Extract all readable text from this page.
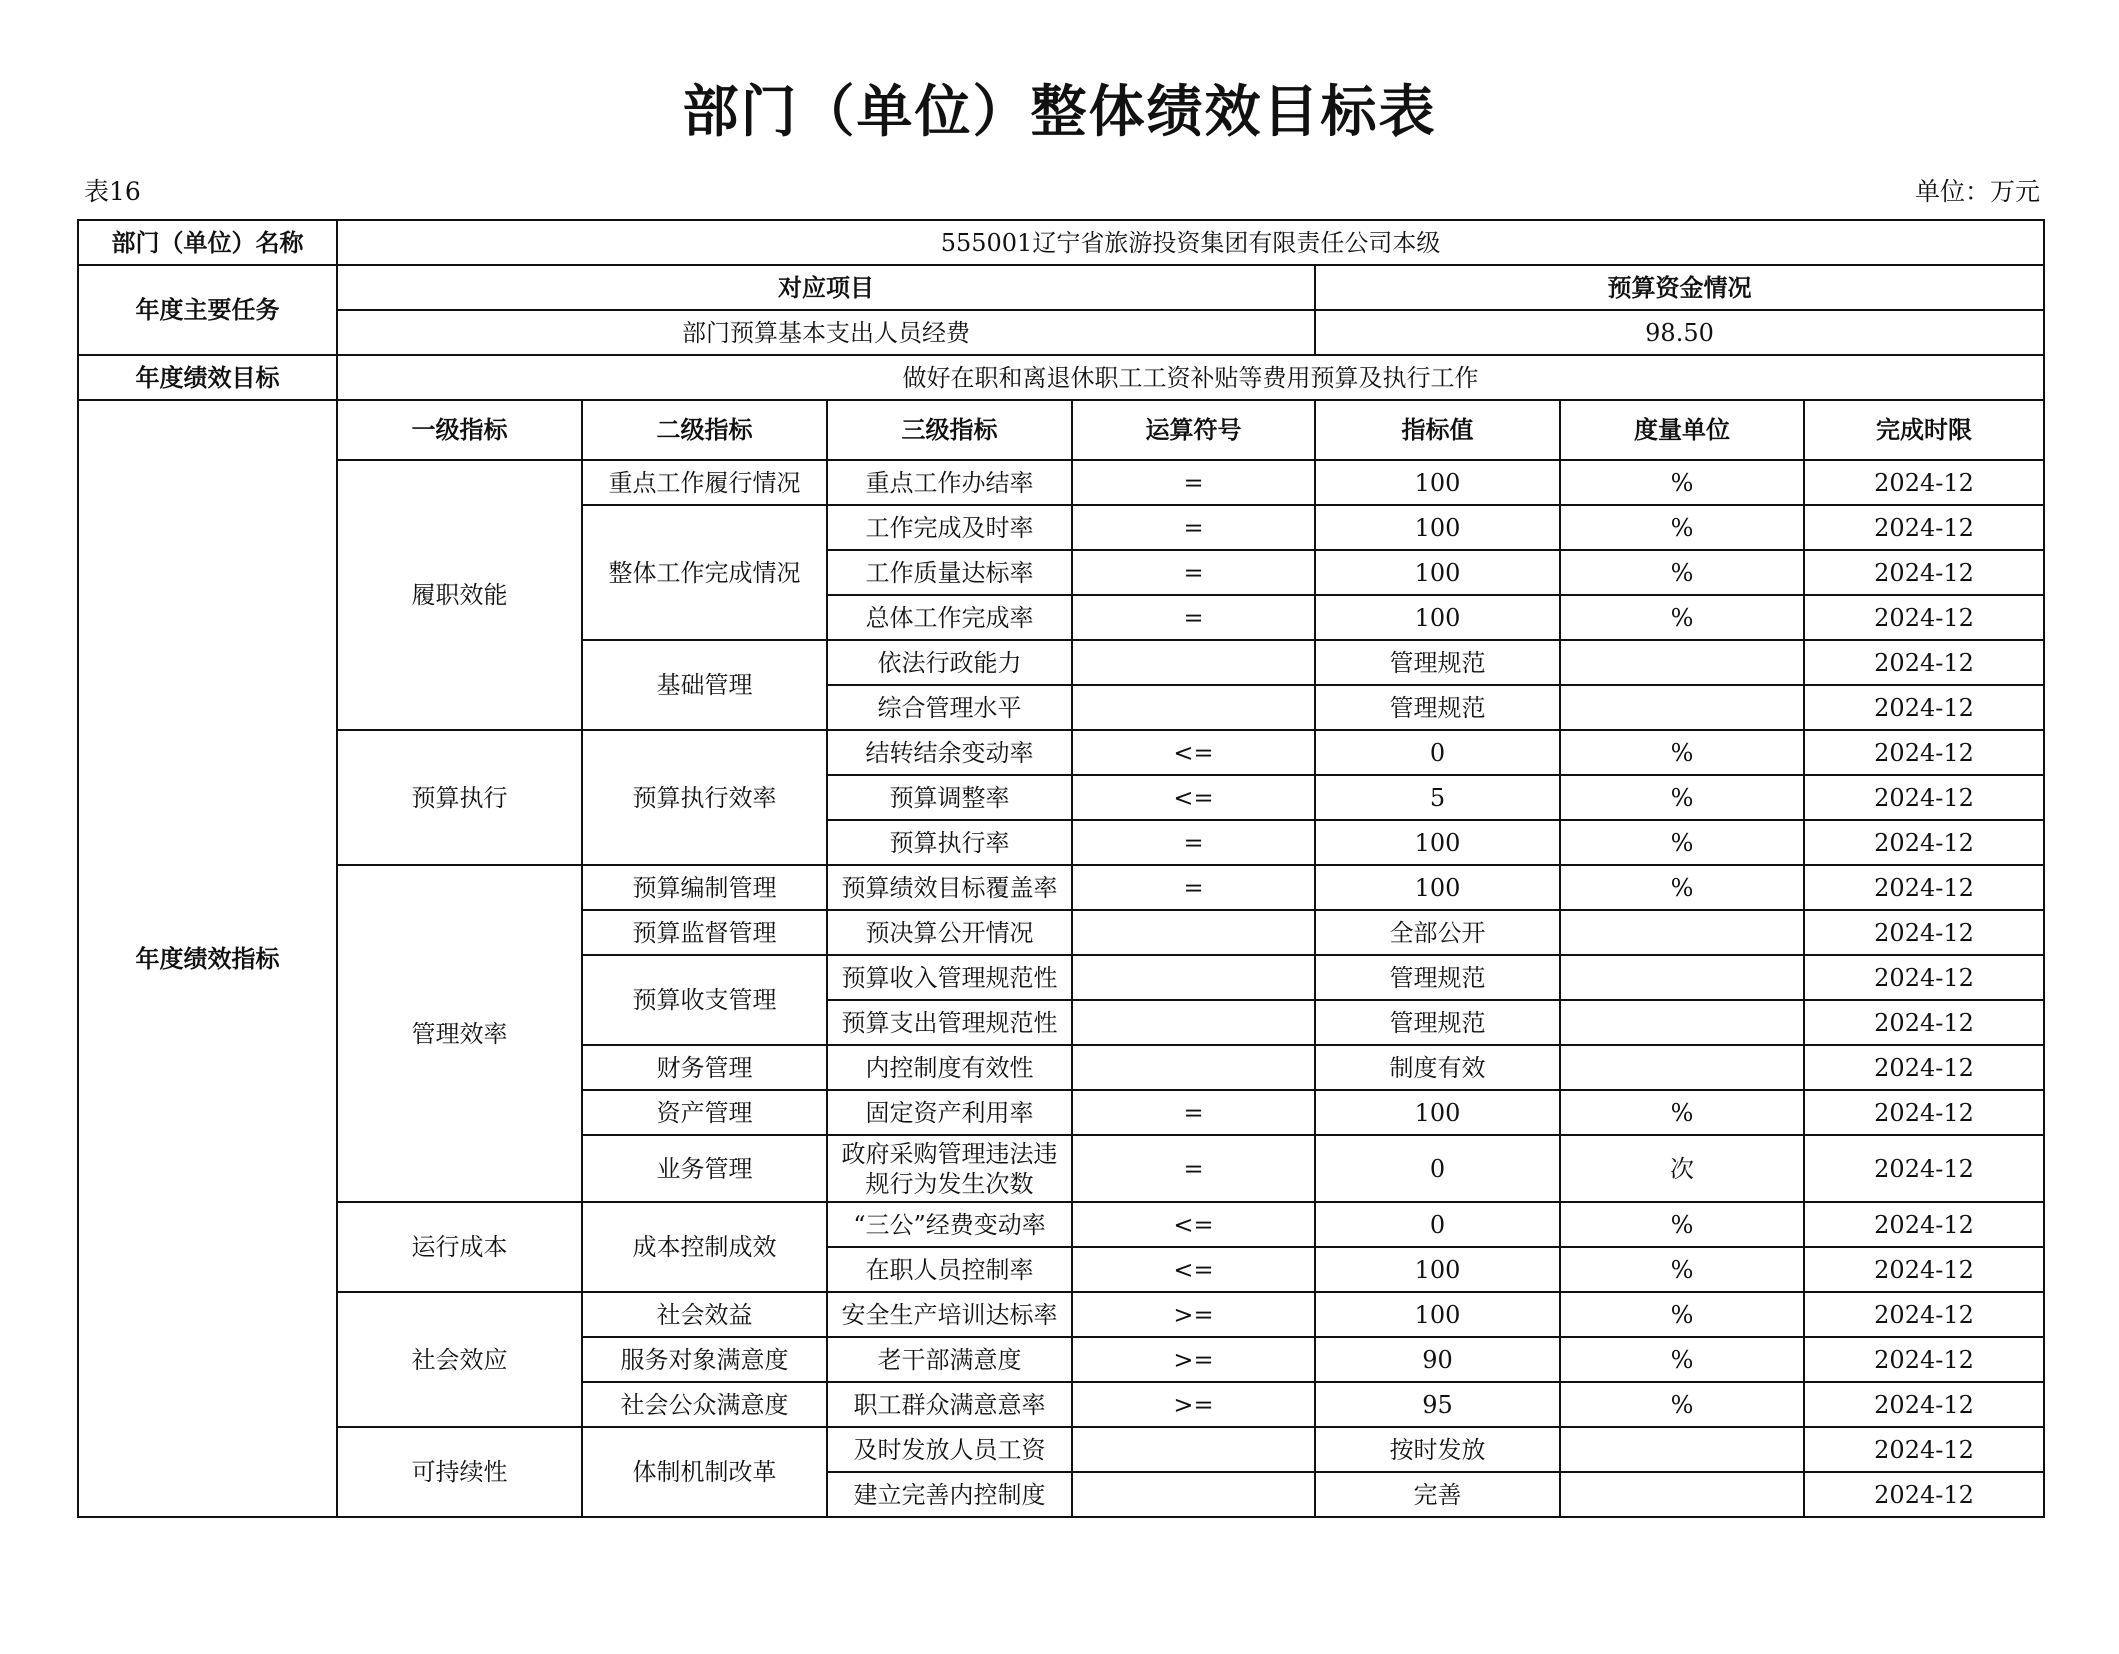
部门（单位）整体绩效目标表
表16	单位：万元
部门（单位）名称	555001辽宁省旅游投资集团有限责任公司本级						
年度主要任务	对应项目				预算资金情况		
	部门预算基本支出人员经费				98.50		
年度绩效目标	做好在职和离退休职工工资补贴等费用预算及执行工作						
年度绩效指标	一级指标	二级指标	三级指标	运算符号	指标值	度量单位	完成时限
	履职效能	重点工作履行情况	重点工作办结率	=	100	%	2024-12
		整体工作完成情况	工作完成及时率	=	100	%	2024-12
			工作质量达标率	=	100	%	2024-12
			总体工作完成率	=	100	%	2024-12
		基础管理	依法行政能力		管理规范		2024-12
			综合管理水平		管理规范		2024-12
	预算执行	预算执行效率	结转结余变动率	<=	0	%	2024-12
			预算调整率	<=	5	%	2024-12
			预算执行率	=	100	%	2024-12
	管理效率	预算编制管理	预算绩效目标覆盖率	=	100	%	2024-12
		预算监督管理	预决算公开情况		全部公开		2024-12
		预算收支管理	预算收入管理规范性		管理规范		2024-12
			预算支出管理规范性		管理规范		2024-12
		财务管理	内控制度有效性		制度有效		2024-12
		资产管理	固定资产利用率	=	100	%	2024-12
		业务管理	政府采购管理违法违规行为发生次数	=	0	次	2024-12
	运行成本	成本控制成效	“三公”经费变动率	<=	0	%	2024-12
			在职人员控制率	<=	100	%	2024-12
	社会效应	社会效益	安全生产培训达标率	>=	100	%	2024-12
		服务对象满意度	老干部满意度	>=	90	%	2024-12
		社会公众满意度	职工群众满意意率	>=	95	%	2024-12
	可持续性	体制机制改革	及时发放人员工资		按时发放		2024-12
			建立完善内控制度		完善		2024-12
